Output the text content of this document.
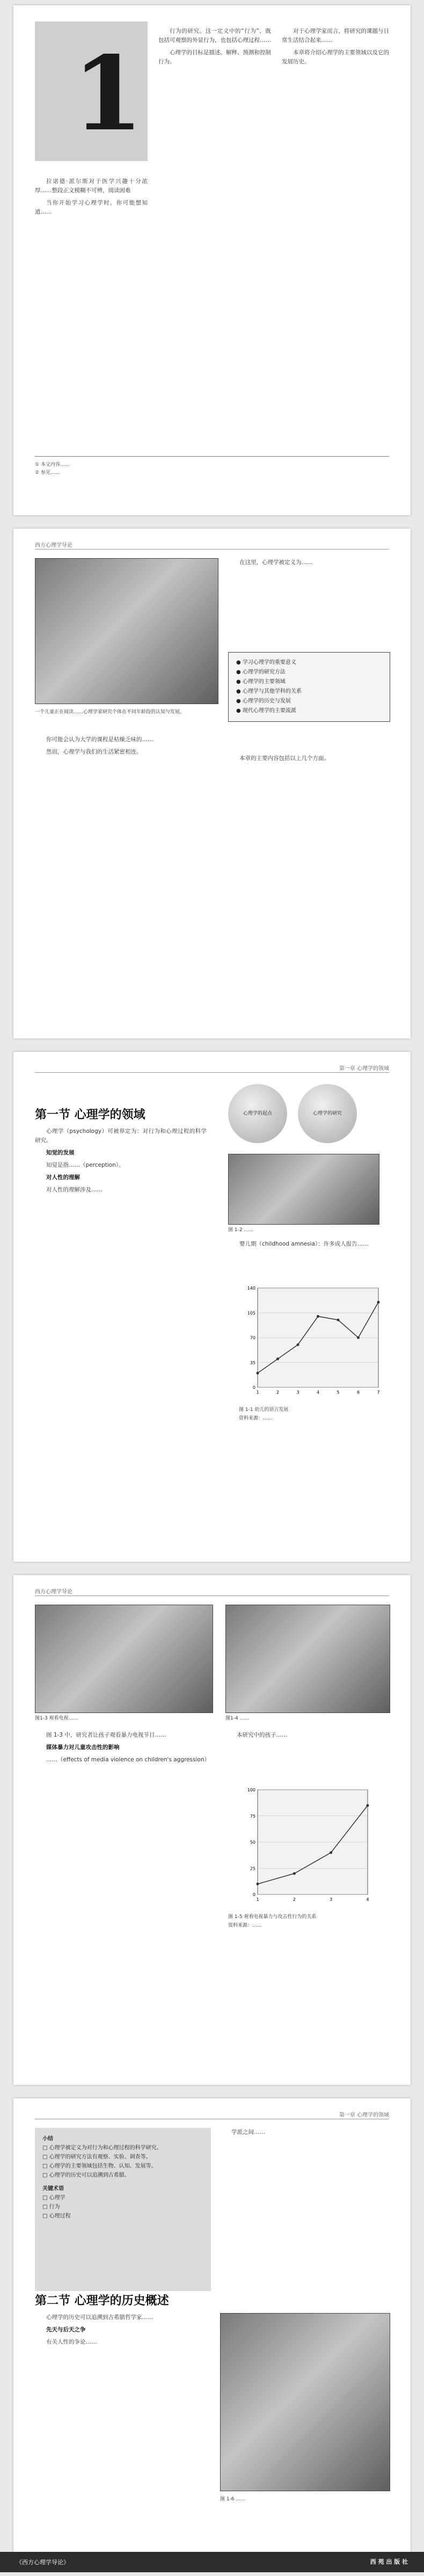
1

拉诺德·派尔斯对于医学兴趣十分浓厚……整段正文模糊不可辨，阅读困难

当你开始学习心理学时，你可能想知道……

行为的研究。这一定义中的“行为”，既包括可观察的外显行为，也包括心理过程……

心理学的目标是描述、解释、预测和控制行为。

对于心理学家而言，将研究的课题与日常生活结合起来……

本章将介绍心理学的主要领域以及它的发展历史。

① 本文内容……
② 参见……
西方心理学导论
一个儿童正在阅读……心理学家研究个体在不同年龄段的认知与发展。

你可能会认为大学的课程是枯燥乏味的……

然而，心理学与我们的生活紧密相连。

在这里，心理学被定义为……

● 学习心理学的重要意义
● 心理学的研究方法
● 心理学的主要领域
● 心理学与其他学科的关系
● 心理学的历史与发展
● 现代心理学的主要流派

本章的主要内容包括以上几个方面。

第一章 心理学的领域
第一节 心理学的领域

心理学（psychology）可被界定为：对行为和心理过程的科学研究。

知觉的发展

知觉是指……（perception）。

对人性的理解

对人性的理解涉及……

心理学的起点	心理学的研究
图 1-2 ……

婴儿期（childhood amnesia）：许多成人报告……

0
35
70
105
140
1	2	3	4	5	6	7
图 1-1 幼儿的语言发展
资料来源：……
西方心理学导论
图1-3 观看电视……	图1-4 ……

图 1-3 中，研究者让孩子观看暴力电视节目……

媒体暴力对儿童攻击性的影响

……（effects of media violence on children's aggression）

本研究中的孩子……

0
25
50
75
100
1	2	3	4
图 1-5 观看电视暴力与攻击性行为的关系
资料来源：……
第一章 心理学的领域
小结
□ 心理学被定义为对行为和心理过程的科学研究。
□ 心理学的研究方法有观察、实验、调查等。
□ 心理学的主要领域包括生物、认知、发展等。
□ 心理学的历史可以追溯到古希腊。
关键术语
□ 心理学
□ 行为
□ 心理过程
第二节 心理学的历史概述

心理学的历史可以追溯到古希腊哲学家……

先天与后天之争

有关人性的争论……

学派之间……

图 1-6 ……
《西方心理学导论》	西 苑 出 版 社
